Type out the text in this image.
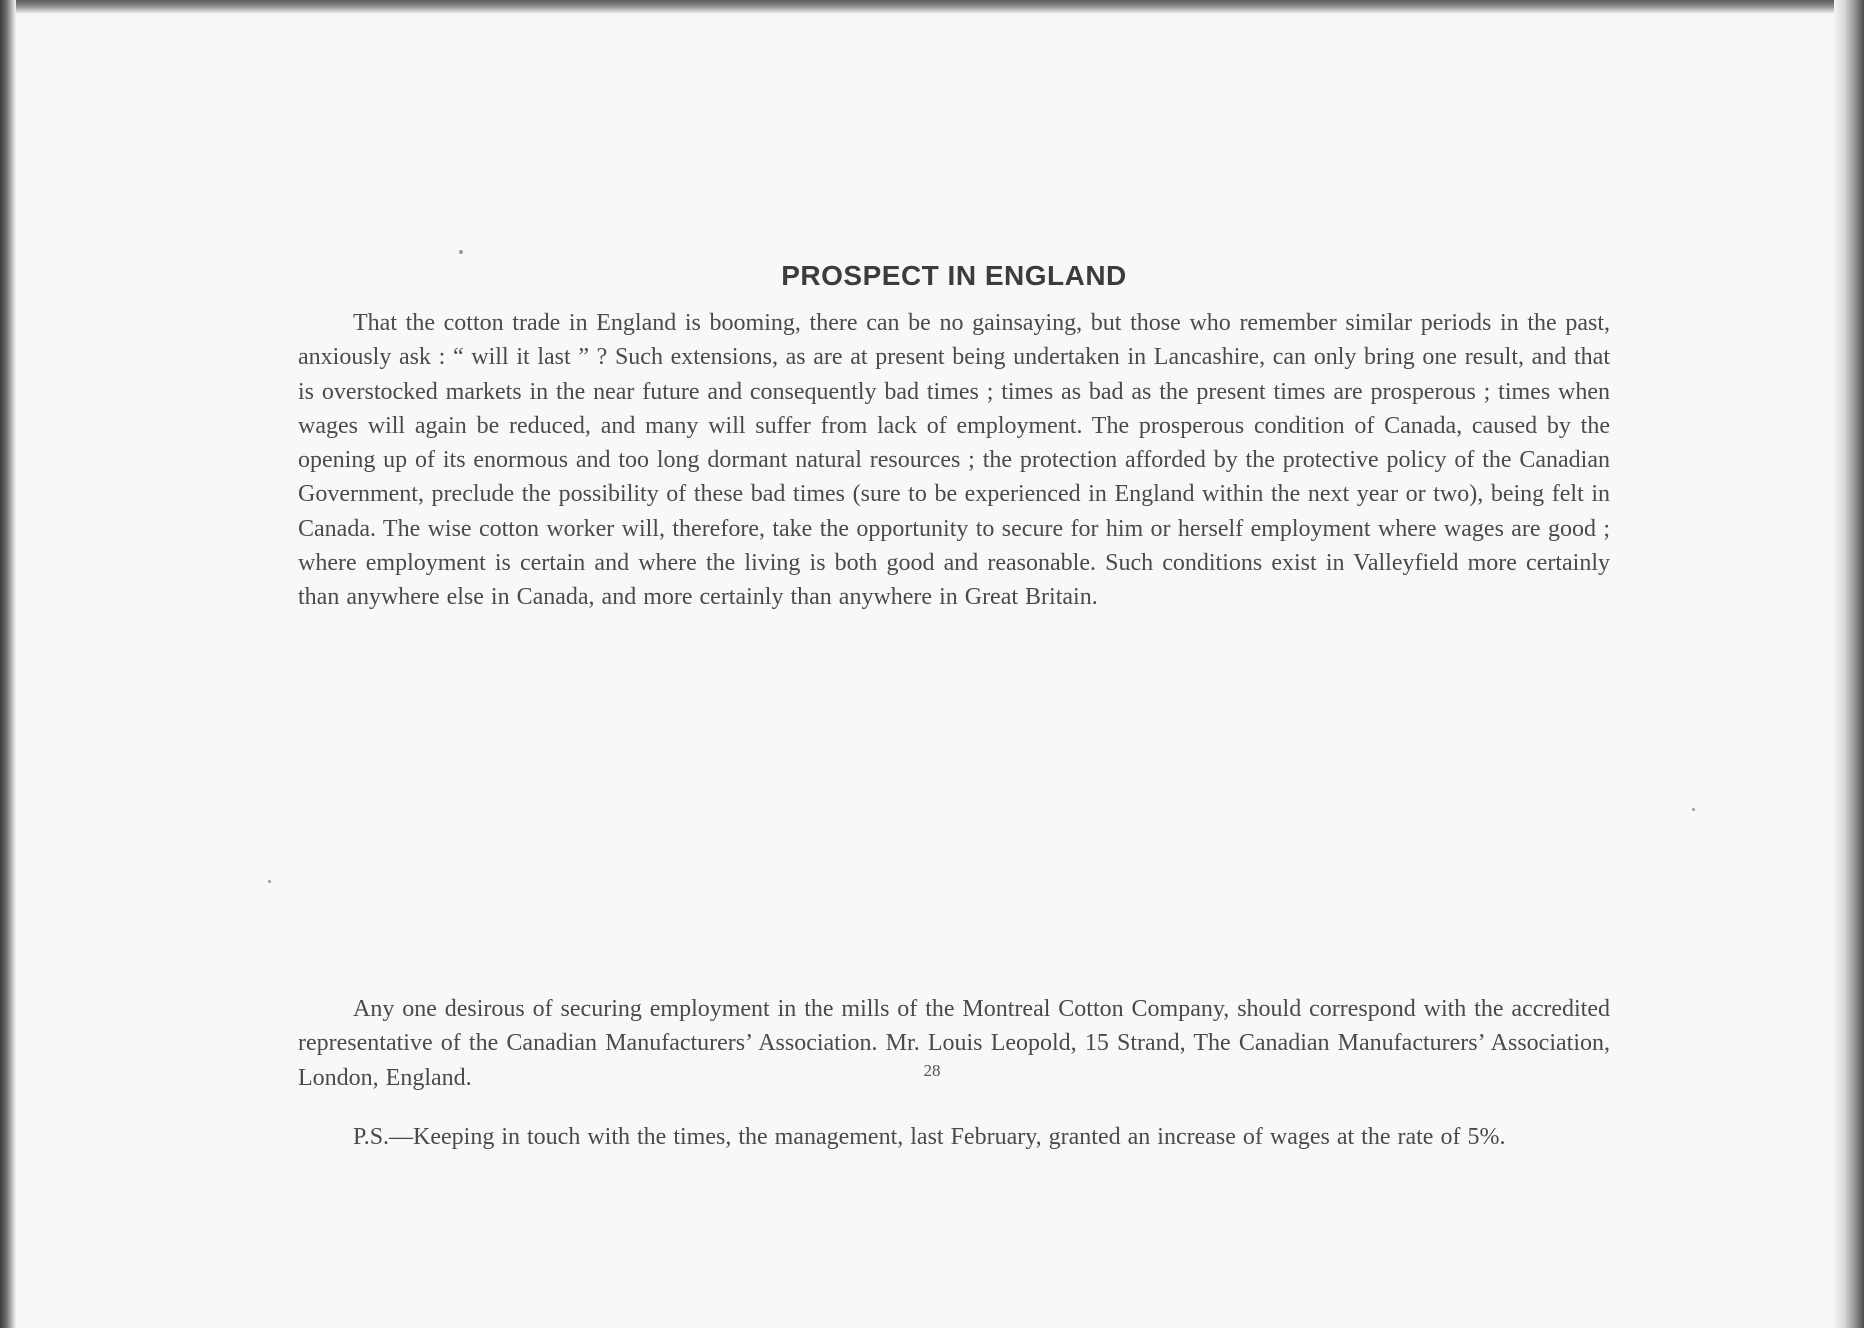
PROSPECT IN ENGLAND

That the cotton trade in England is booming, there can be no gainsaying, but those who remember similar periods in the past, anxiously ask : “ will it last ” ? Such extensions, as are at present being undertaken in Lancashire, can only bring one result, and that is overstocked markets in the near future and consequently bad times ; times as bad as the present times are prosperous ; times when wages will again be reduced, and many will suffer from lack of employment. The prosperous condition of Canada, caused by the opening up of its enormous and too long dormant natural resources ; the protection afforded by the protective policy of the Canadian Government, preclude the possibility of these bad times (sure to be experienced in England within the next year or two), being felt in Canada. The wise cotton worker will, therefore, take the opportunity to secure for him or herself employment where wages are good ; where employment is certain and where the living is both good and reasonable. Such conditions exist in Valleyfield more certainly than anywhere else in Canada, and more certainly than anywhere in Great Britain.

Any one desirous of securing employment in the mills of the Montreal Cotton Company, should correspond with the accredited representative of the Canadian Manufacturers’ Association. Mr. Louis Leopold, 15 Strand, The Canadian Manufacturers’ Association, London, England.

P.S.—Keeping in touch with the times, the management, last February, granted an increase of wages at the rate of 5%.

28
